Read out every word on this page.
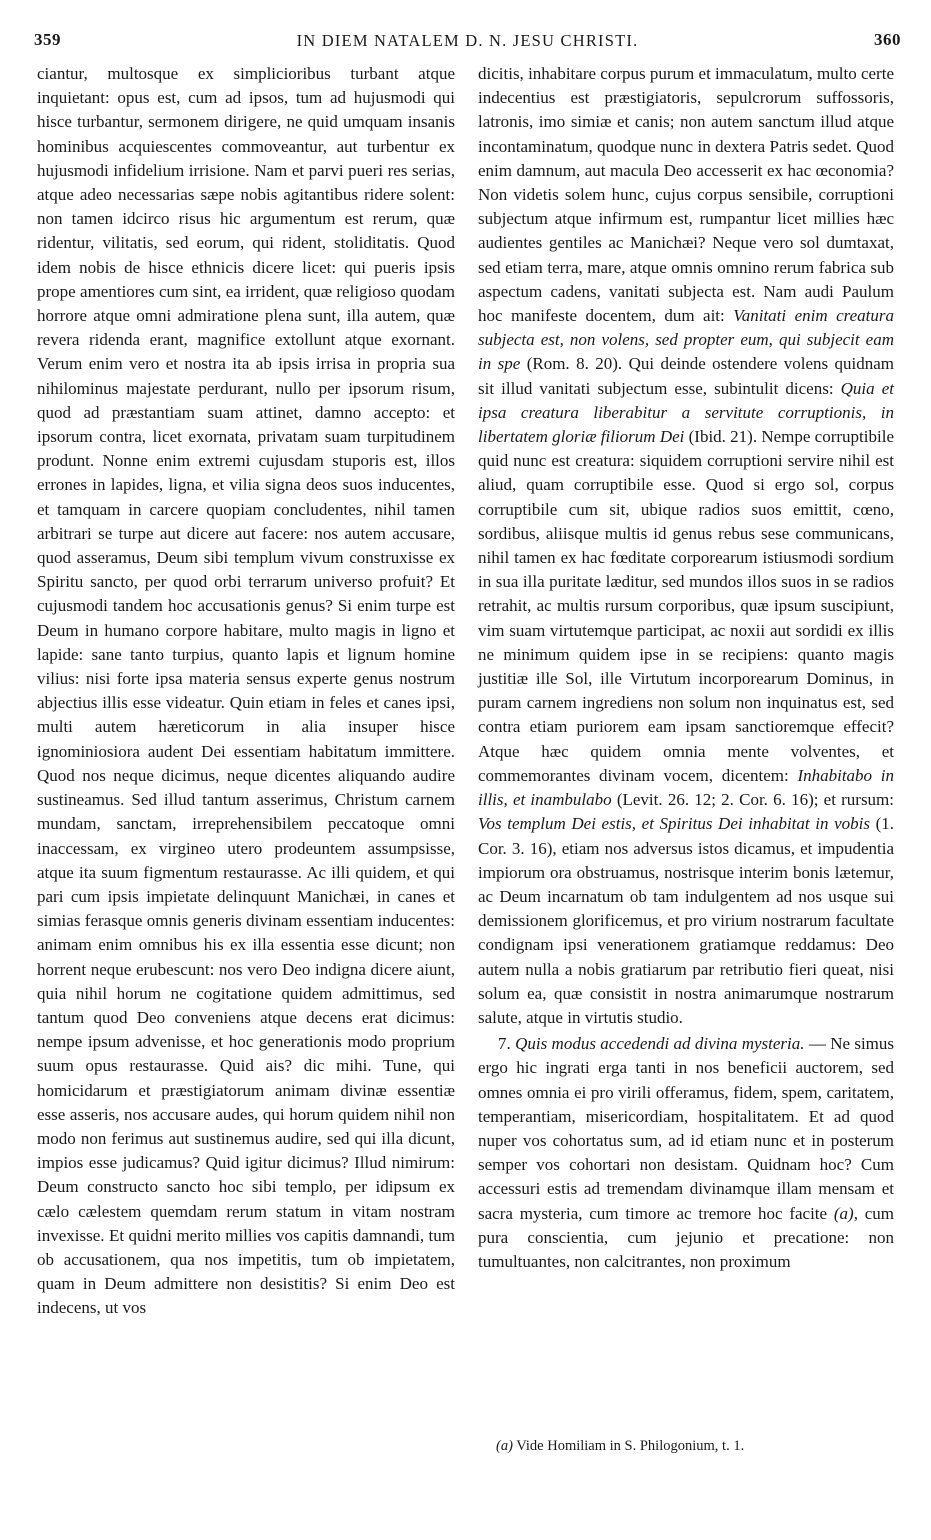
359	IN DIEM NATALEM D. N. JESU CHRISTI.	360

ciantur, multosque ex simplicioribus turbant atque inquietant: opus est, cum ad ipsos, tum ad hujusmodi qui hisce turbantur, sermonem dirigere, ne quid umquam insanis hominibus acquiescentes commoveantur, aut turbentur ex hujusmodi infidelium irrisione. Nam et parvi pueri res serias, atque adeo necessarias sæpe nobis agitantibus ridere solent: non tamen idcirco risus hic argumentum est rerum, quæ ridentur, vilitatis, sed eorum, qui rident, stoliditatis. Quod idem nobis de hisce ethnicis dicere licet: qui pueris ipsis prope amentiores cum sint, ea irrident, quæ religioso quodam horrore atque omni admiratione plena sunt, illa autem, quæ revera ridenda erant, magnifice extollunt atque exornant. Verum enim vero et nostra ita ab ipsis irrisa in propria sua nihilominus majestate perdurant, nullo per ipsorum risum, quod ad præstantiam suam attinet, damno accepto: et ipsorum contra, licet exornata, privatam suam turpitudinem produnt. Nonne enim extremi cujusdam stuporis est, illos errones in lapides, ligna, et vilia signa deos suos inducentes, et tamquam in carcere quopiam concludentes, nihil tamen arbitrari se turpe aut dicere aut facere: nos autem accusare, quod asseramus, Deum sibi templum vivum construxisse ex Spiritu sancto, per quod orbi terrarum universo profuit? Et cujusmodi tandem hoc accusationis genus? Si enim turpe est Deum in humano corpore habitare, multo magis in ligno et lapide: sane tanto turpius, quanto lapis et lignum homine vilius: nisi forte ipsa materia sensus experte genus nostrum abjectius illis esse videatur. Quin etiam in feles et canes ipsi, multi autem hæreticorum in alia insuper hisce ignominiosiora audent Dei essentiam habitatum immittere. Quod nos neque dicimus, neque dicentes aliquando audire sustineamus. Sed illud tantum asserimus, Christum carnem mundam, sanctam, irreprehensibilem peccatoque omni inaccessam, ex virgineo utero prodeuntem assumpsisse, atque ita suum figmentum restaurasse. Ac illi quidem, et qui pari cum ipsis impietate delinquunt Manichæi, in canes et simias ferasque omnis generis divinam essentiam inducentes: animam enim omnibus his ex illa essentia esse dicunt; non horrent neque erubescunt: nos vero Deo indigna dicere aiunt, quia nihil horum ne cogitatione quidem admittimus, sed tantum quod Deo conveniens atque decens erat dicimus: nempe ipsum advenisse, et hoc generationis modo proprium suum opus restaurasse. Quid ais? dic mihi. Tune, qui homicidarum et præstigiatorum animam divinæ essentiæ esse asseris, nos accusare audes, qui horum quidem nihil non modo non ferimus aut sustinemus audire, sed qui illa dicunt, impios esse judicamus? Quid igitur dicimus? Illud nimirum: Deum constructo sancto hoc sibi templo, per idipsum ex cælo cælestem quemdam rerum statum in vitam nostram invexisse. Et quidni merito millies vos capitis damnandi, tum ob accusationem, qua nos impetitis, tum ob impietatem, quam in Deum admittere non desistitis? Si enim Deo est indecens, ut vos

dicitis, inhabitare corpus purum et immaculatum, multo certe indecentius est præstigiatoris, sepulcrorum suffossoris, latronis, imo simiæ et canis; non autem sanctum illud atque incontaminatum, quodque nunc in dextera Patris sedet. Quod enim damnum, aut macula Deo accesserit ex hac œconomia? Non videtis solem hunc, cujus corpus sensibile, corruptioni subjectum atque infirmum est, rumpantur licet millies hæc audientes gentiles ac Manichæi? Neque vero sol dumtaxat, sed etiam terra, mare, atque omnis omnino rerum fabrica sub aspectum cadens, vanitati subjecta est. Nam audi Paulum hoc manifeste docentem, dum ait: Vanitati enim creatura subjecta est, non volens, sed propter eum, qui subjecit eam in spe (Rom. 8. 20). Qui deinde ostendere volens quidnam sit illud vanitati subjectum esse, subintulit dicens: Quia et ipsa creatura liberabitur a servitute corruptionis, in libertatem gloriæ filiorum Dei (Ibid. 21). Nempe corruptibile quid nunc est creatura: siquidem corruptioni servire nihil est aliud, quam corruptibile esse. Quod si ergo sol, corpus corruptibile cum sit, ubique radios suos emittit, cœno, sordibus, aliisque multis id genus rebus sese communicans, nihil tamen ex hac fœditate corporearum istiusmodi sordium in sua illa puritate læditur, sed mundos illos suos in se radios retrahit, ac multis rursum corporibus, quæ ipsum suscipiunt, vim suam virtutemque participat, ac noxii aut sordidi ex illis ne minimum quidem ipse in se recipiens: quanto magis justitiæ ille Sol, ille Virtutum incorporearum Dominus, in puram carnem ingrediens non solum non inquinatus est, sed contra etiam puriorem eam ipsam sanctioremque effecit? Atque hæc quidem omnia mente volventes, et commemorantes divinam vocem, dicentem: Inhabitabo in illis, et inambulabo (Levit. 26. 12; 2. Cor. 6. 16); et rursum: Vos templum Dei estis, et Spiritus Dei inhabitat in vobis (1. Cor. 3. 16), etiam nos adversus istos dicamus, et impudentia impiorum ora obstruamus, nostrisque interim bonis lætemur, ac Deum incarnatum ob tam indulgentem ad nos usque sui demissionem glorificemus, et pro virium nostrarum facultate condignam ipsi venerationem gratiamque reddamus: Deo autem nulla a nobis gratiarum par retributio fieri queat, nisi solum ea, quæ consistit in nostra animarumque nostrarum salute, atque in virtutis studio.

7. Quis modus accedendi ad divina mysteria. — Ne simus ergo hic ingrati erga tanti in nos beneficii auctorem, sed omnes omnia ei pro virili offeramus, fidem, spem, caritatem, temperantiam, misericordiam, hospitalitatem. Et ad quod nuper vos cohortatus sum, ad id etiam nunc et in posterum semper vos cohortari non desistam. Quidnam hoc? Cum accessuri estis ad tremendam divinamque illam mensam et sacra mysteria, cum timore ac tremore hoc facite (a), cum pura conscientia, cum jejunio et precatione: non tumultuantes, non calcitrantes, non proximum

(a) Vide Homiliam in S. Philogonium, t. 1.
